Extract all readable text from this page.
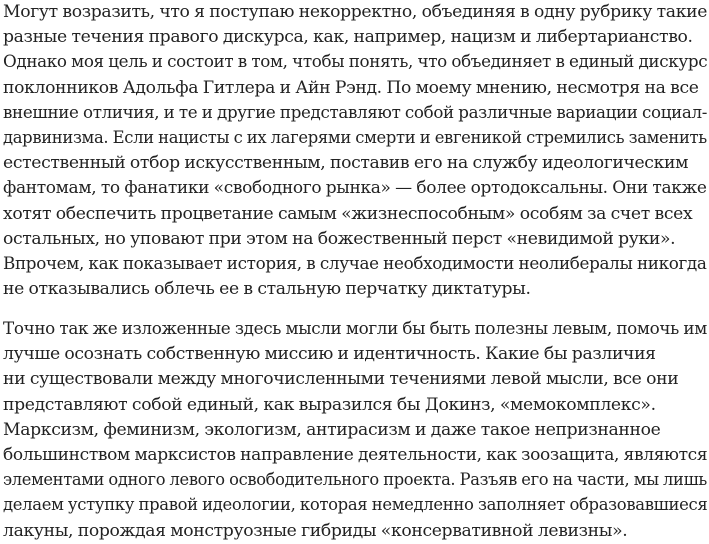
Могут возразить, что я поступаю некорректно, объединяя в одну рубрику такие
разные течения правого дискурса, как, например, нацизм и либертарианство.
Однако моя цель и состоит в том, чтобы понять, что объединяет в единый дискурс
поклонников Адольфа Гитлера и Айн Рэнд. По моему мнению, несмотря на все
внешние отличия, и те и другие представляют собой различные вариации социал-
дарвинизма. Если нацисты с их лагерями смерти и евгеникой стремились заменить
естественный отбор искусственным, поставив его на службу идеологическим
фантомам, то фанатики «свободного рынка» — более ортодоксальны. Они также
хотят обеспечить процветание самым «жизнеспособным» особям за счет всех
остальных, но уповают при этом на божественный перст «невидимой руки».
Впрочем, как показывает история, в случае необходимости неолибералы никогда
не отказывались облечь ее в стальную перчатку диктатуры.

Точно так же изложенные здесь мысли могли бы быть полезны левым, помочь им
лучше осознать собственную миссию и идентичность. Какие бы различия
ни существовали между многочисленными течениями левой мысли, все они
представляют собой единый, как выразился бы Докинз, «мемокомплекс».
Марксизм, феминизм, экологизм, антирасизм и даже такое непризнанное
большинством марксистов направление деятельности, как зоозащита, являются
элементами одного левого освободительного проекта. Разъяв его на части, мы лишь
делаем уступку правой идеологии, которая немедленно заполняет образовавшиеся
лакуны, порождая монструозные гибриды «консервативной левизны».
